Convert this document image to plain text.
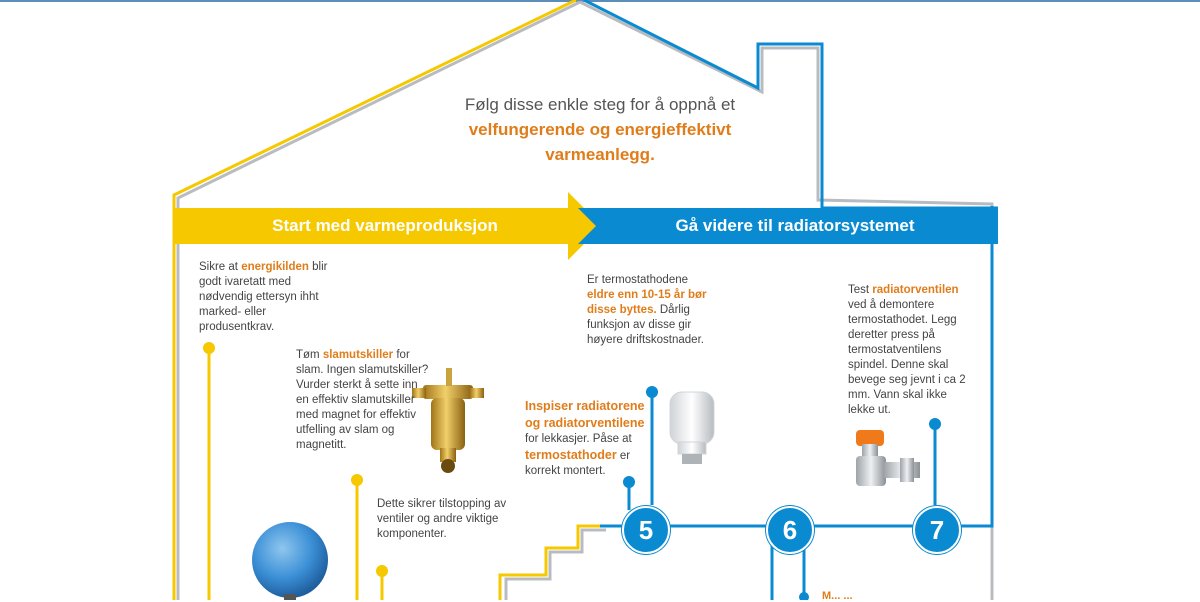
Følg disse enkle steg for å oppnå et
velfungerende og energieffektivt varmeanlegg.
Start med varmeproduksjon	Gå videre til radiatorsystemet
Sikre at energikilden blir godt ivaretatt med nødvendig ettersyn ihht marked- eller produsentkrav.
Tøm slamutskiller for slam. Ingen slamutskiller? Vurder sterkt å sette inn en effektiv slamutskiller med magnet for effektiv utfelling av slam og magnetitt.
Dette sikrer tilstopping av ventiler og andre viktige komponenter.
Er termostathodene
eldre enn 10-15 år bør disse byttes. Dårlig funksjon av disse gir høyere driftskostnader.
Inspiser radiatorene og radiatorventilene for lekkasjer. Påse at termostathoder er korrekt montert.
Test radiatorventilen ved å demontere termostathodet. Legg deretter press på termostatventilens spindel. Denne skal bevege seg jevnt i ca 2 mm. Vann skal ikke lekke ut.
5	6	7
M... ...
